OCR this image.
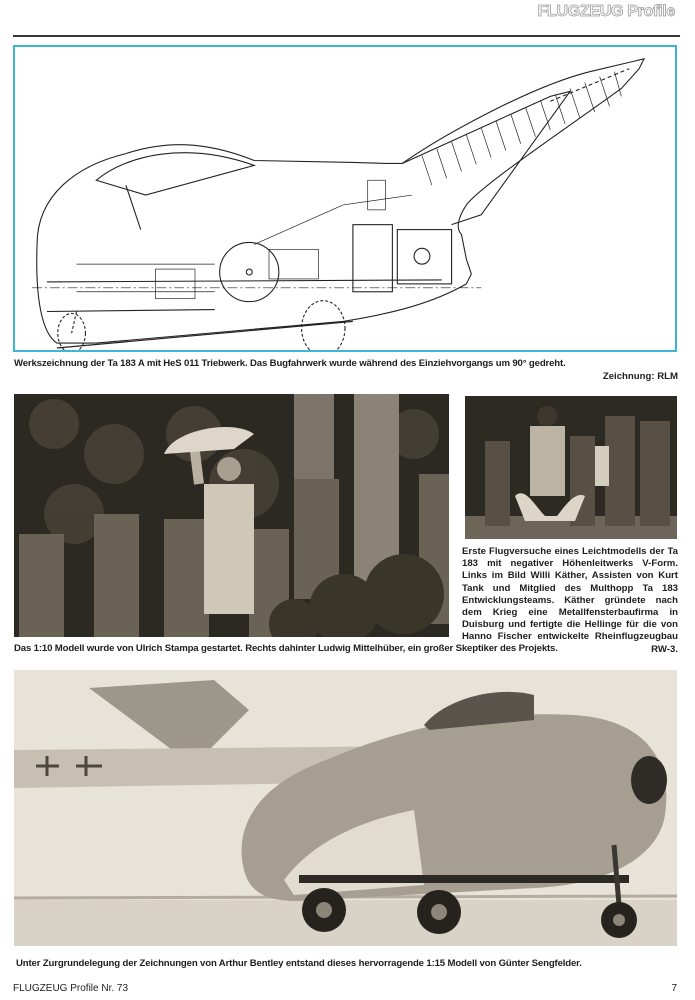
FLUGZEUG Profile
Werkszeichnung der Ta 183 A mit HeS 011 Triebwerk. Das Bugfahrwerk wurde während des Einziehvorgangs um 90° gedreht.
Zeichnung: RLM
Erste Flugversuche eines Leichtmodells der Ta 183 mit negativer Höhenleitwerks V-Form. Links im Bild Willi Käther, Assisten von Kurt Tank und Mitglied des Multhopp Ta 183 Entwicklungsteams. Käther gründete nach dem Krieg eine Metallfensterbaufirma in Duisburg und fertigte die Hellinge für die von Hanno Fischer entwickelte Rheinflugzeugbau RW-3.
Das 1:10 Modell wurde von Ulrich Stampa gestartet. Rechts dahinter Ludwig Mittelhüber, ein großer Skeptiker des Projekts.
Unter Zurgrundelegung der Zeichnungen von Arthur Bentley entstand dieses hervorragende 1:15 Modell von Günter Sengfelder.
FLUGZEUG Profile Nr. 73	7
